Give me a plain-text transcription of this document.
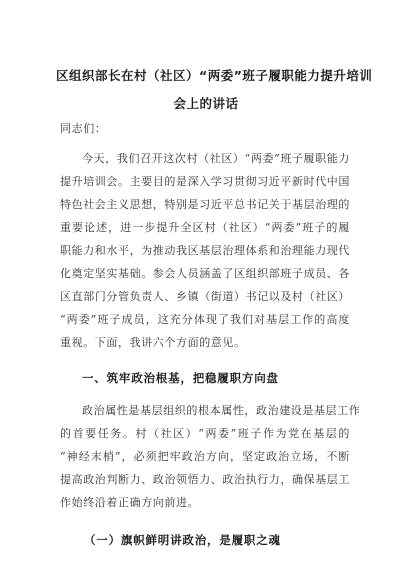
区组织部长在村（社区）“两委”班子履职能力提升培训
会上的讲话
同志们：
今天，我们召开这次村（社区）“两委”班子履职能力
提升培训会。主要目的是深入学习贯彻习近平新时代中国
特色社会主义思想，特别是习近平总书记关于基层治理的
重要论述，进一步提升全区村（社区）“两委”班子的履
职能力和水平，为推动我区基层治理体系和治理能力现代
化奠定坚实基础。参会人员涵盖了区组织部班子成员、各
区直部门分管负责人、乡镇（街道）书记以及村（社区）
“两委”班子成员，这充分体现了我们对基层工作的高度
重视。下面，我讲六个方面的意见。
一、筑牢政治根基，把稳履职方向盘
政治属性是基层组织的根本属性，政治建设是基层工作
的首要任务。村（社区）“两委”班子作为党在基层的
“神经末梢”，必须把牢政治方向，坚定政治立场，不断
提高政治判断力、政治领悟力、政治执行力，确保基层工
作始终沿着正确方向前进。
（一）旗帜鲜明讲政治，是履职之魂
